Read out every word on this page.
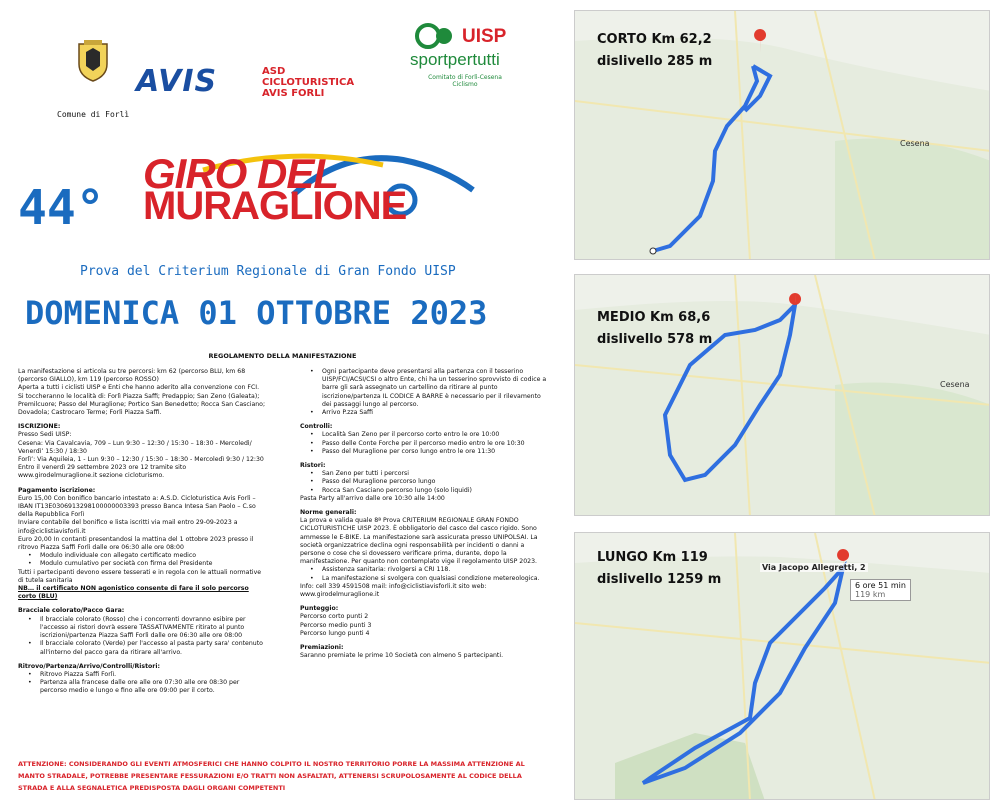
AVIS	ASD
CICLOTURISTICA
AVIS FORLI
UISP
sportpertutti
Comitato di Forlì-Cesena Ciclismo
Comune di Forlì
44°
GIRO DEL
MURAGLIONE
Prova del Criterium Regionale di Gran Fondo UISP
DOMENICA 01 OTTOBRE 2023
REGOLAMENTO DELLA MANIFESTAZIONE

La manifestazione si articola su tre percorsi: km 62 (percorso BLU, km 68 (percorso GIALLO), km 119 (percorso ROSSO)

Aperta a tutti i ciclisti UISP e Enti che hanno aderito alla convenzione con FCI.

Si toccheranno le località di: Forlì Piazza Saffi; Predappio; San Zeno (Galeata); Premilcuore; Passo del Muraglione; Portico San Benedetto; Rocca San Casciano; Dovadola; Castrocaro Terme; Forlì Piazza Saffi.

ISCRIZIONE:

Presso Sedi UISP:

Cesena: Via Cavalcavia, 709 – Lun 9:30 – 12:30 / 15:30 – 18:30 - Mercoledì/ Venerdì’ 15:30 / 18:30

Forlì’: Via Aquileia, 1 - Lun 9:30 – 12:30 / 15:30 – 18:30 - Mercoledì 9:30 / 12:30

Entro il venerdì 29 settembre 2023 ore 12 tramite sito www.girodelmuraglione.it sezione cicloturismo.

Pagamento iscrizione:

Euro 15,00 Con bonifico bancario intestato a: A.S.D. Cicloturistica Avis Forlì – IBAN IT13E0306913298100000003393 presso Banca Intesa San Paolo – C.so della Repubblica Forlì

Inviare contabile del bonifico e lista iscritti via mail entro 29-09-2023 a info@ciclistiavisforli.it

Euro 20,00 In contanti presentandosi la mattina del 1 ottobre 2023 presso il ritrovo Piazza Saffi Forlì dalle ore 06:30 alle ore 08:00

• Modulo individuale con allegato certificato medico
• Modulo cumulativo per società con firma del Presidente

Tutti i partecipanti devono essere tesserati e in regola con le attuali normative di tutela sanitaria

NB… il certificato NON agonistico consente di fare il solo percorso corto (BLU)

Bracciale colorato/Pacco Gara:

• Il bracciale colorato (Rosso) che i concorrenti dovranno esibire per l'accesso ai ristori dovrà essere TASSATIVAMENTE ritirato al punto iscrizioni/partenza Piazza Saffi Forlì dalle ore 06:30 alle ore 08:00
• Il bracciale colorato (Verde) per l'accesso al pasta party sara' contenuto all'interno del pacco gara da ritirare all'arrivo.

Ritrovo/Partenza/Arrivo/Controlli/Ristori:

• Ritrovo Piazza Saffi Forlì.
• Partenza alla francese dalle ore alle ore 07:30 alle ore 08:30 per percorso medio e lungo e fino alle ore 09:00 per il corto.
• Ogni partecipante deve presentarsi alla partenza con il tesserino UISP/FCI/ACSI/CSI o altro Ente, chi ha un tesserino sprovvisto di codice a barre gli sarà assegnato un cartellino da ritirare al punto iscrizione/partenza IL CODICE A BARRE è necessario per il rilevamento dei passaggi lungo al percorso.
• Arrivo P.zza Saffi

Controlli:

• Località San Zeno per il percorso corto entro le ore 10:00
• Passo delle Conte Forche per il percorso medio entro le ore 10:30
• Passo del Muraglione per corso lungo entro le ore 11:30

Ristori:

• San Zeno per tutti i percorsi
• Passo del Muraglione percorso lungo
• Rocca San Casciano percorso lungo (solo liquidi)

Pasta Party all'arrivo dalle ore 10:30 alle 14:00

Norme generali:

La prova e valida quale 8ª Prova CRITERIUM REGIONALE GRAN FONDO CICLOTURISTICHE UISP 2023. È obbligatorio del casco del casco rigido. Sono ammesse le E-BIKE. La manifestazione sarà assicurata presso UNIPOLSAI. La società organizzatrice declina ogni responsabilità per incidenti o danni a persone o cose che si dovessero verificare prima, durante, dopo la manifestazione. Per quanto non contemplato vige il regolamento UISP 2023.

• Assistenza sanitaria: rivolgersi a CRI 118.
• La manifestazione si svolgera con qualsiasi condizione metereologica.

Info: cell 339 4591508 mail: info@ciclistiavisforli.it sito web: www.girodelmuraglione.it

Punteggio:

Percorso corto punti 2

Percorso medio punti 3

Percorso lungo punti 4

Premiazioni:

Saranno premiate le prime 10 Società con almeno 5 partecipanti.

ATTENZIONE: CONSIDERANDO GLI EVENTI ATMOSFERICI CHE HANNO COLPITO IL NOSTRO TERRITORIO PORRE LA MASSIMA ATTENZIONE AL MANTO STRADALE, POTREBBE PRESENTARE FESSURAZIONI E/O TRATTI NON ASFALTATI, ATTENERSI SCRUPOLOSAMENTE AL CODICE DELLA STRADA E ALLA SEGNALETICA PREDISPOSTA DAGLI ORGANI COMPETENTI
CORTO Km 62,2
dislivello 285 m
Cesena
MEDIO Km 68,6
dislivello 578 m
Cesena
LUNGO Km 119
dislivello 1259 m
Via Jacopo Allegretti, 2
6 ore 51 min
119 km
